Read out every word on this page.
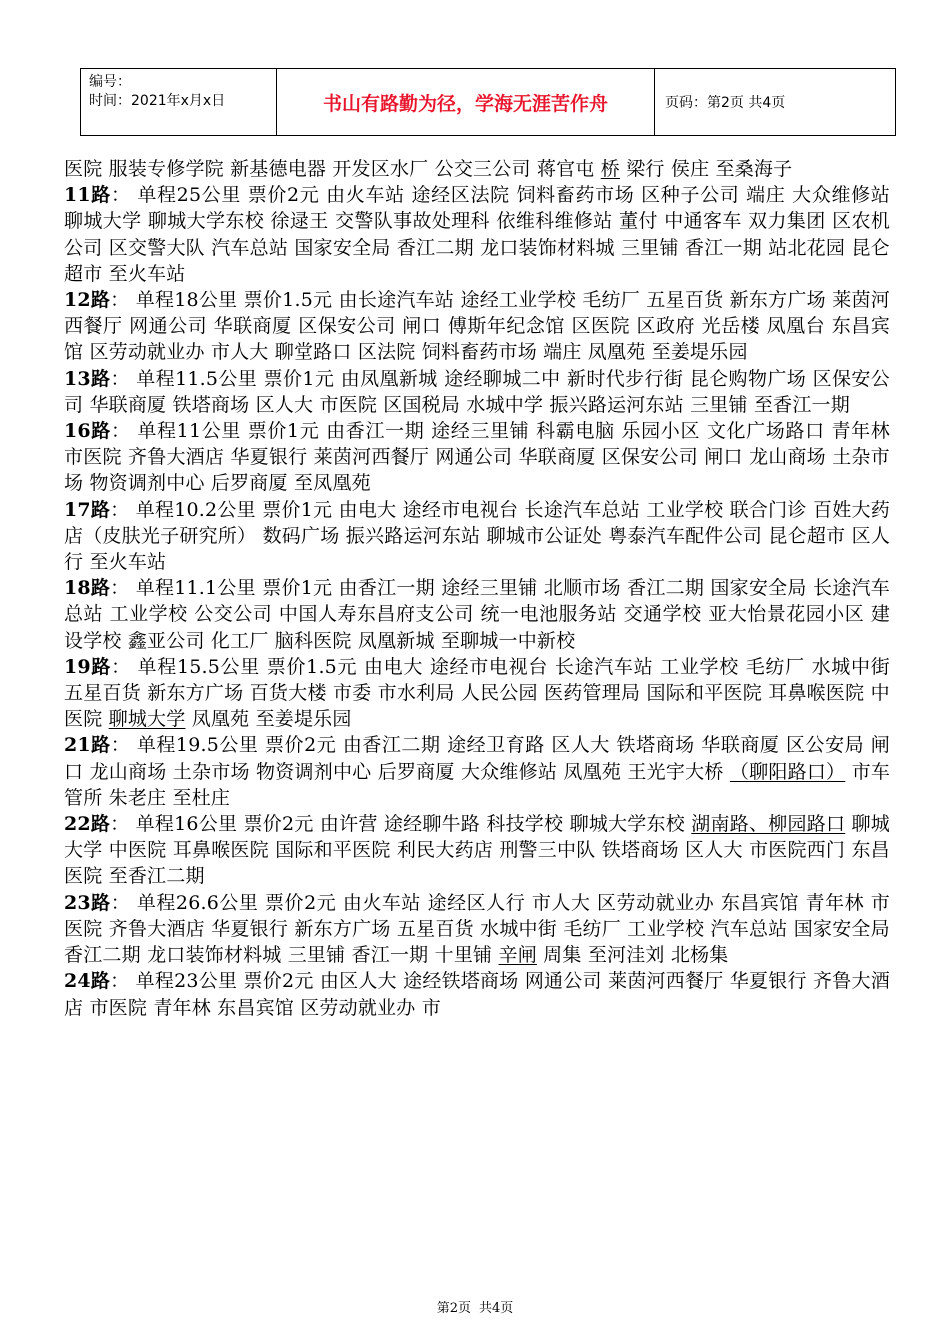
编号：
时间：2021年x月x日	书山有路勤为径，学海无涯苦作舟	页码：第2页 共4页

医院 服装专修学院 新基德电器 开发区水厂 公交三公司 蒋官屯 桥 梁行 侯庄 至桑海子

11路： 单程25公里 票价2元 由火车站 途经区法院 饲料畜药市场 区种子公司 端庄 大众维修站 聊城大学 聊城大学东校 徐逯王 交警队事故处理科 依维科维修站 董付 中通客车 双力集团 区农机公司 区交警大队 汽车总站 国家安全局 香江二期 龙口装饰材料城 三里铺 香江一期 站北花园 昆仑超市 至火车站

12路： 单程18公里 票价1.5元 由长途汽车站 途经工业学校 毛纺厂 五星百货 新东方广场 莱茵河西餐厅 网通公司 华联商厦 区保安公司 闸口 傅斯年纪念馆 区医院 区政府 光岳楼 凤凰台 东昌宾馆 区劳动就业办 市人大 聊堂路口 区法院 饲料畜药市场 端庄 凤凰苑 至姜堤乐园

13路： 单程11.5公里 票价1元 由凤凰新城 途经聊城二中 新时代步行街 昆仑购物广场 区保安公司 华联商厦 铁塔商场 区人大 市医院 区国税局 水城中学 振兴路运河东站 三里铺 至香江一期

16路： 单程11公里 票价1元 由香江一期 途经三里铺 科霸电脑 乐园小区 文化广场路口 青年林 市医院 齐鲁大酒店 华夏银行 莱茵河西餐厅 网通公司 华联商厦 区保安公司 闸口 龙山商场 土杂市场 物资调剂中心 后罗商厦 至凤凰苑

17路： 单程10.2公里 票价1元 由电大 途经市电视台 长途汽车总站 工业学校 联合门诊 百姓大药店（皮肤光子研究所） 数码广场 振兴路运河东站 聊城市公证处 粤泰汽车配件公司 昆仑超市 区人行 至火车站

18路： 单程11.1公里 票价1元 由香江一期 途经三里铺 北顺市场 香江二期 国家安全局 长途汽车总站 工业学校 公交公司 中国人寿东昌府支公司 统一电池服务站 交通学校 亚大怡景花园小区 建设学校 鑫亚公司 化工厂 脑科医院 凤凰新城 至聊城一中新校

19路： 单程15.5公里 票价1.5元 由电大 途经市电视台 长途汽车站 工业学校 毛纺厂 水城中街 五星百货 新东方广场 百货大楼 市委 市水利局 人民公园 医药管理局 国际和平医院 耳鼻喉医院 中医院 聊城大学 凤凰苑 至姜堤乐园

21路： 单程19.5公里 票价2元 由香江二期 途经卫育路 区人大 铁塔商场 华联商厦 区公安局 闸口 龙山商场 土杂市场 物资调剂中心 后罗商厦 大众维修站 凤凰苑 王光宇大桥 （聊阳路口） 市车管所 朱老庄 至杜庄

22路： 单程16公里 票价2元 由许营 途经聊牛路 科技学校 聊城大学东校 湖南路、柳园路口 聊城大学 中医院 耳鼻喉医院 国际和平医院 利民大药店 刑警三中队 铁塔商场 区人大 市医院西门 东昌医院 至香江二期

23路： 单程26.6公里 票价2元 由火车站 途经区人行 市人大 区劳动就业办 东昌宾馆 青年林 市医院 齐鲁大酒店 华夏银行 新东方广场 五星百货 水城中街 毛纺厂 工业学校 汽车总站 国家安全局 香江二期 龙口装饰材料城 三里铺 香江一期 十里铺 辛闸 周集 至河洼刘 北杨集

24路： 单程23公里 票价2元 由区人大 途经铁塔商场 网通公司 莱茵河西餐厅 华夏银行 齐鲁大酒店 市医院 青年林 东昌宾馆 区劳动就业办 市

第2页 共4页
